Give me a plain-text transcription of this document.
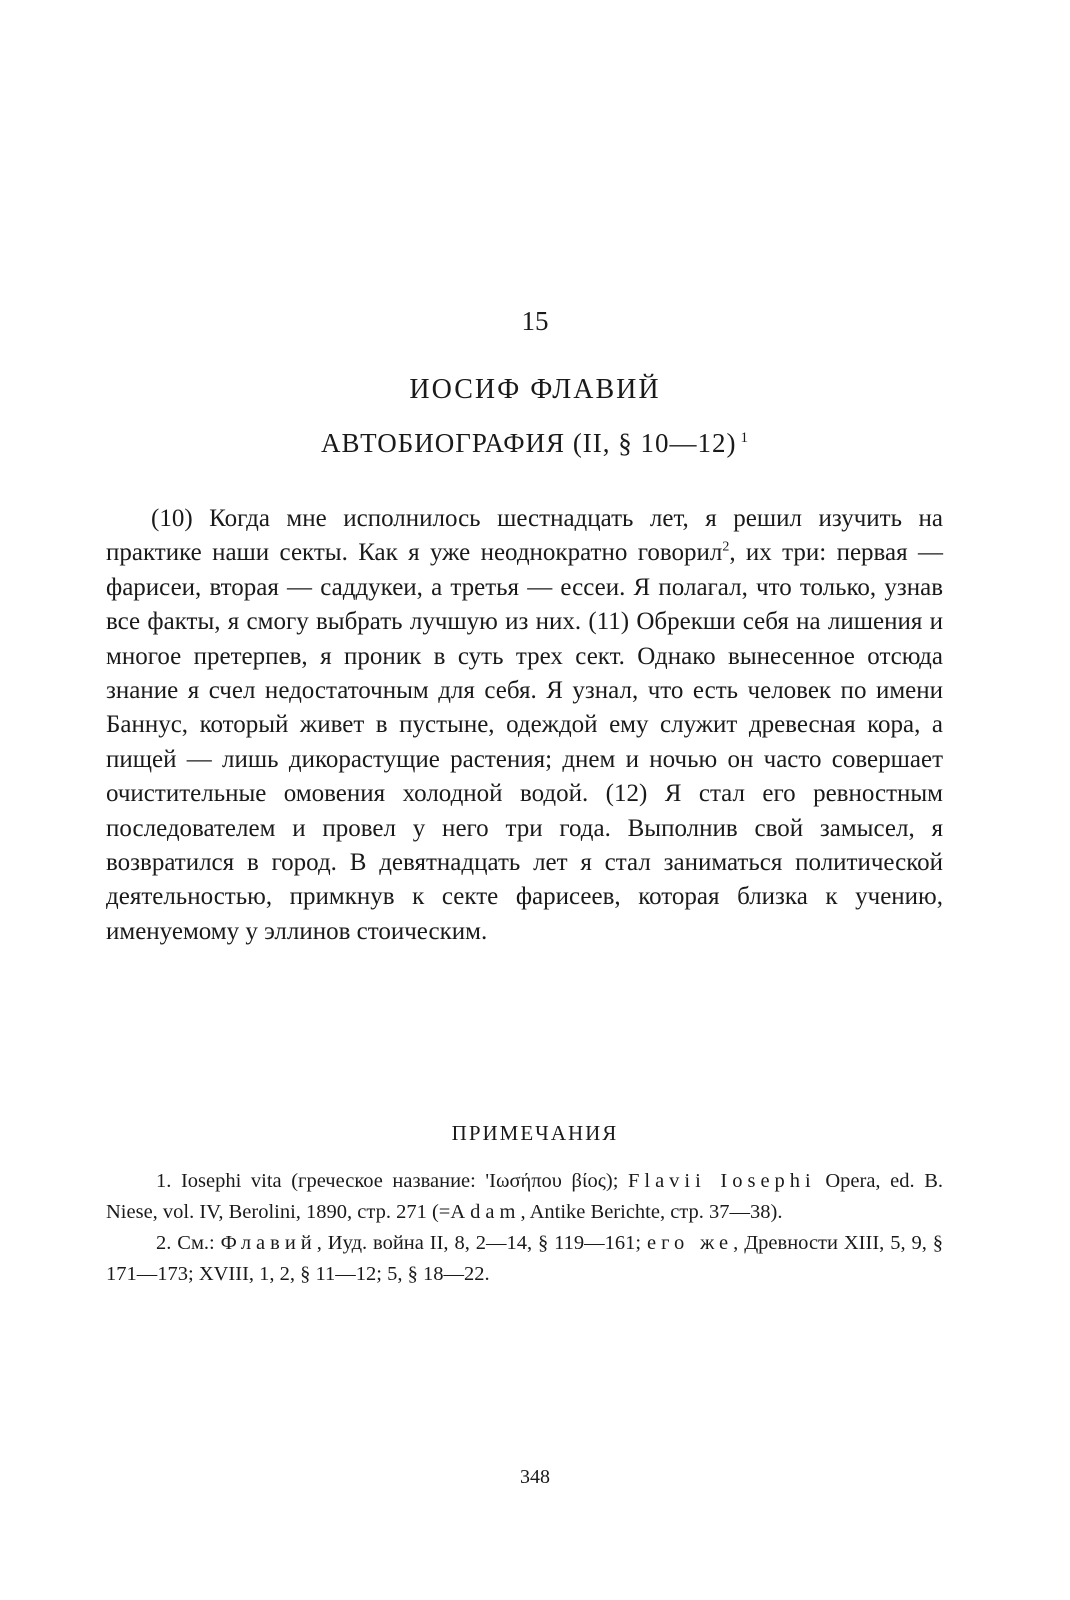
15
ИОСИФ ФЛАВИЙ
АВТОБИОГРАФИЯ (II, § 10—12) $^1$

(10) Когда мне исполнилось шестнадцать лет, я решил изучить на практике наши секты. Как я уже неоднократно говорил$^2$, их три: первая — фарисеи, вторая — саддукеи, а третья — ессеи. Я полагал, что только, узнав все факты, я смогу выбрать лучшую из них. (11) Обрекши себя на лишения и многое претерпев, я проник в суть трех сект. Однако вынесенное отсюда знание я счел недостаточным для себя. Я узнал, что есть человек по имени Баннус, который живет в пустыне, одеждой ему служит древесная кора, а пищей — лишь дикорастущие растения; днем и ночью он часто совершает очистительные омовения холодной водой. (12) Я стал его ревностным последователем и провел у него три года. Выполнив свой замысел, я возвратился в город. В девятнадцать лет я стал заниматься политической деятельностью, примкнув к секте фарисеев, которая близка к учению, именуемому у эллинов стоическим.

ПРИМЕЧАНИЯ

1. Iosephi vita (греческое название: 'Ιωσήπου βίος); Flavii Iosephi Opera, ed. B. Niese, vol. IV, Berolini, 1890, стр. 271 (=Adam, Antike Berichte, стр. 37—38).

2. См.: Флавий, Иуд. война II, 8, 2—14, § 119—161; его же, Древности XIII, 5, 9, § 171—173; XVIII, 1, 2, § 11—12; 5, § 18—22.

348
